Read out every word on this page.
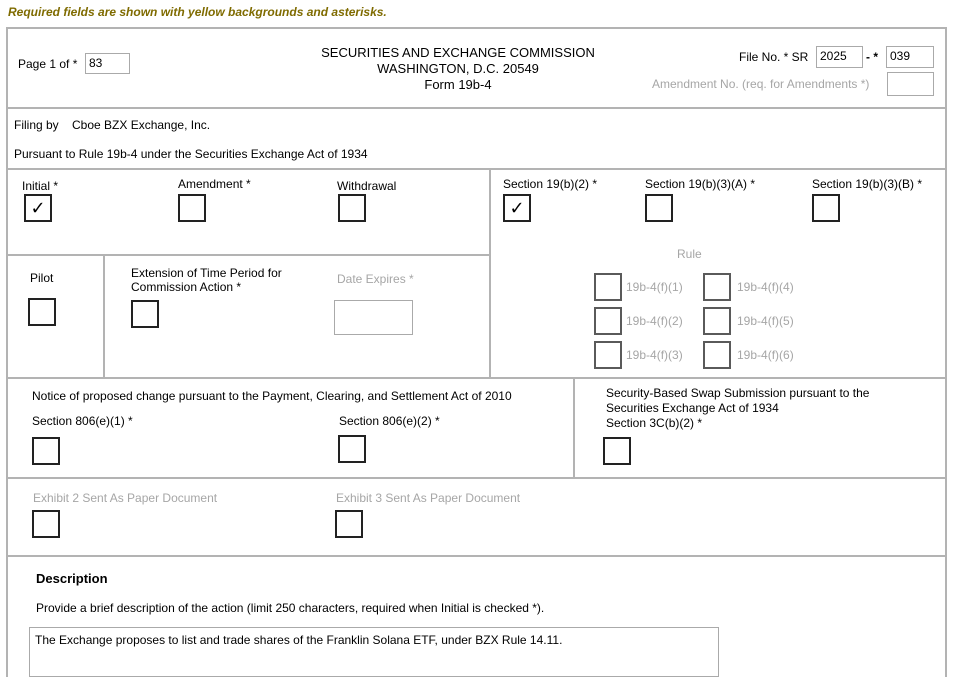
Required fields are shown with yellow backgrounds and asterisks.
Page 1 of * 83
SECURITIES AND EXCHANGE COMMISSION
WASHINGTON, D.C. 20549
Form 19b-4
File No. * SR 2025	- *	039
Amendment No. (req. for Amendments *)
Filing by Cboe BZX Exchange, Inc.
Pursuant to Rule 19b-4 under the Securities Exchange Act of 1934
Initial *
✓
Amendment *	Withdrawal	Section 19(b)(2) *
✓
Section 19(b)(3)(A) *	Section 19(b)(3)(B) *
Pilot	Extension of Time Period for
Commission Action *
Date Expires *
Rule
19b-4(f)(1)	19b-4(f)(4)
19b-4(f)(2)	19b-4(f)(5)
19b-4(f)(3)	19b-4(f)(6)
Notice of proposed change pursuant to the Payment, Clearing, and Settlement Act of 2010
Section 806(e)(1) *	Section 806(e)(2) *
Security-Based Swap Submission pursuant to the
Securities Exchange Act of 1934
Section 3C(b)(2) *
Exhibit 2 Sent As Paper Document	Exhibit 3 Sent As Paper Document
Description
Provide a brief description of the action (limit 250 characters, required when Initial is checked *).
The Exchange proposes to list and trade shares of the Franklin Solana ETF, under BZX Rule 14.11.
